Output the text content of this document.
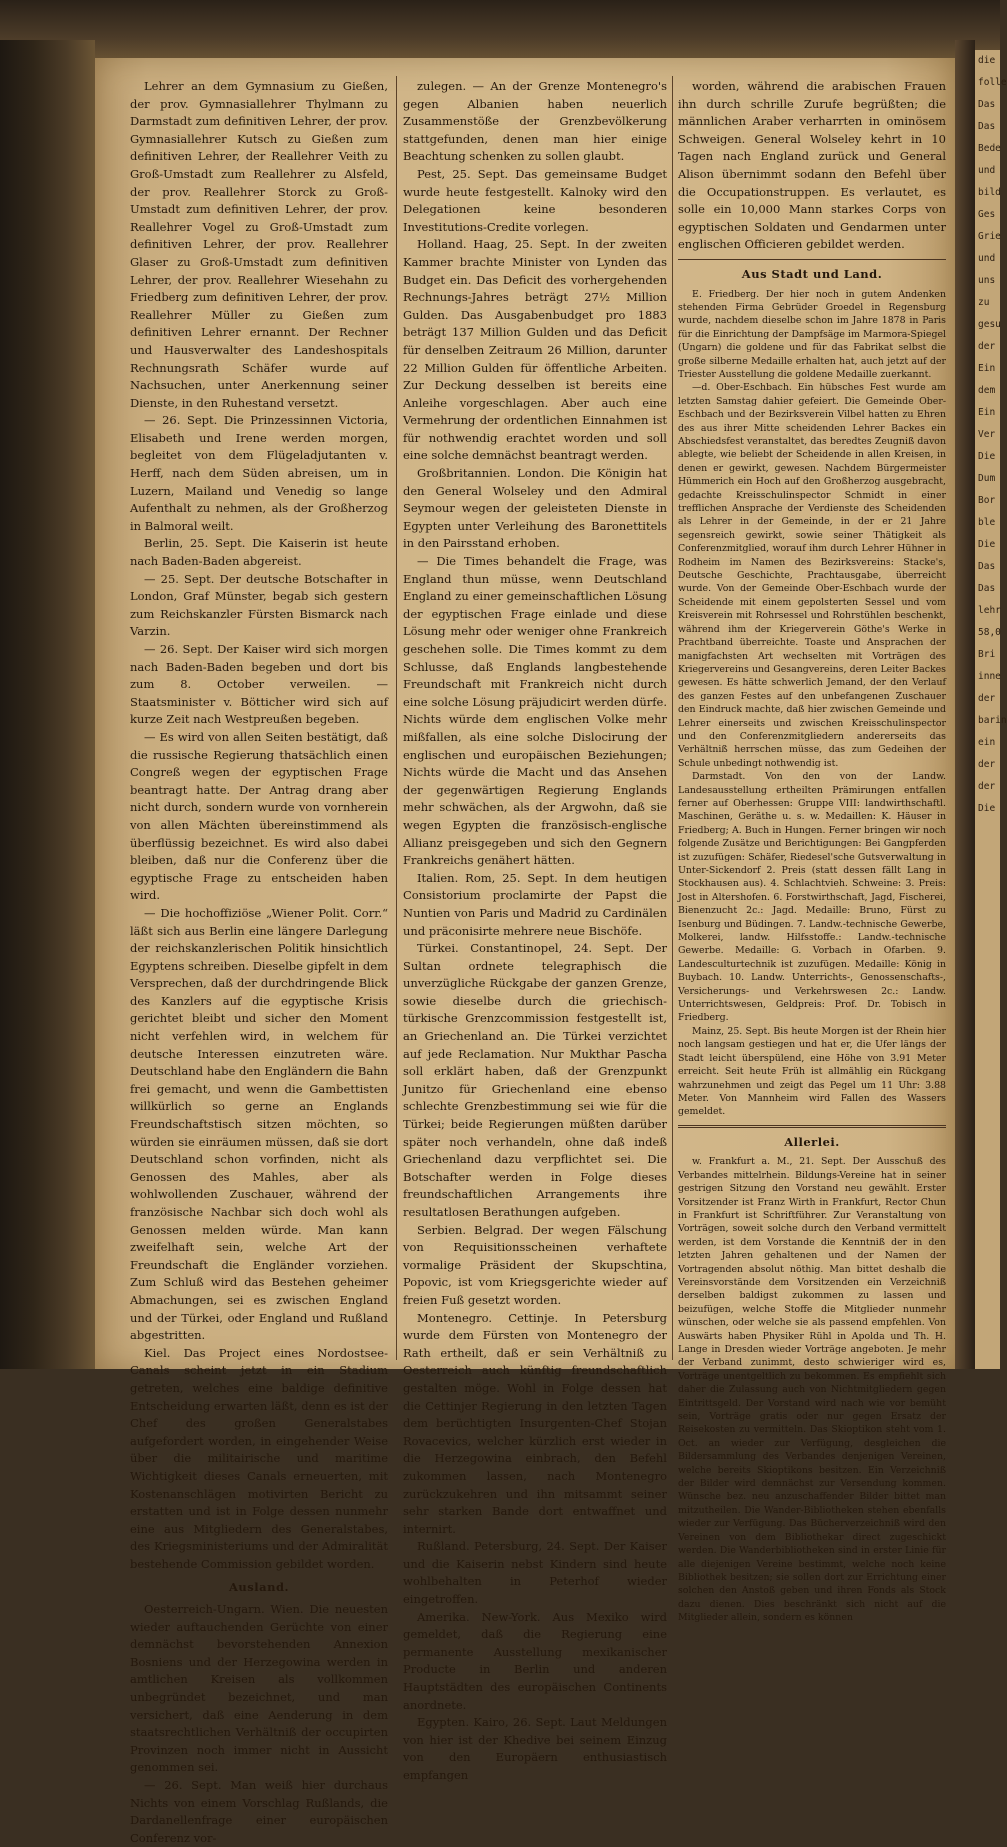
die
folle
Das
Das
Bede
und
bild
Ges
Grie
und
uns
zu
gesu
der
Ein
dem
Ein
Ver
Die
Dum
Bor
ble
Die
Das
Das
lehr
58,0
Bri
inne
der
barin
ein
der
der
Die

Lehrer an dem Gymnasium zu Gießen, der prov. Gymnasiallehrer Thylmann zu Darmstadt zum definitiven Lehrer, der prov. Gymnasiallehrer Kutsch zu Gießen zum definitiven Lehrer, der Reallehrer Veith zu Groß-Umstadt zum Reallehrer zu Alsfeld, der prov. Reallehrer Storck zu Groß-Umstadt zum definitiven Lehrer, der prov. Reallehrer Vogel zu Groß-Umstadt zum definitiven Lehrer, der prov. Reallehrer Glaser zu Groß-Umstadt zum definitiven Lehrer, der prov. Reallehrer Wiesehahn zu Friedberg zum definitiven Lehrer, der prov. Reallehrer Müller zu Gießen zum definitiven Lehrer ernannt. Der Rechner und Hausverwalter des Landeshospitals Rechnungsrath Schäfer wurde auf Nachsuchen, unter Anerkennung seiner Dienste, in den Ruhestand versetzt.

— 26. Sept. Die Prinzessinnen Victoria, Elisabeth und Irene werden morgen, begleitet von dem Flügeladjutanten v. Herff, nach dem Süden abreisen, um in Luzern, Mailand und Venedig so lange Aufenthalt zu nehmen, als der Großherzog in Balmoral weilt.

Berlin, 25. Sept. Die Kaiserin ist heute nach Baden-Baden abgereist.

— 25. Sept. Der deutsche Botschafter in London, Graf Münster, begab sich gestern zum Reichskanzler Fürsten Bismarck nach Varzin.

— 26. Sept. Der Kaiser wird sich morgen nach Baden-Baden begeben und dort bis zum 8. October verweilen. — Staatsminister v. Bötticher wird sich auf kurze Zeit nach Westpreußen begeben.

— Es wird von allen Seiten bestätigt, daß die russische Regierung thatsächlich einen Congreß wegen der egyptischen Frage beantragt hatte. Der Antrag drang aber nicht durch, sondern wurde von vornherein von allen Mächten übereinstimmend als überflüssig bezeichnet. Es wird also dabei bleiben, daß nur die Conferenz über die egyptische Frage zu entscheiden haben wird.

— Die hochoffiziöse „Wiener Polit. Corr.“ läßt sich aus Berlin eine längere Darlegung der reichskanzlerischen Politik hinsichtlich Egyptens schreiben. Dieselbe gipfelt in dem Versprechen, daß der durchdringende Blick des Kanzlers auf die egyptische Krisis gerichtet bleibt und sicher den Moment nicht verfehlen wird, in welchem für deutsche Interessen einzutreten wäre. Deutschland habe den Engländern die Bahn frei gemacht, und wenn die Gambettisten willkürlich so gerne an Englands Freundschaftstisch sitzen möchten, so würden sie einräumen müssen, daß sie dort Deutschland schon vorfinden, nicht als Genossen des Mahles, aber als wohlwollenden Zuschauer, während der französische Nachbar sich doch wohl als Genossen melden würde. Man kann zweifelhaft sein, welche Art der Freundschaft die Engländer vorziehen. Zum Schluß wird das Bestehen geheimer Abmachungen, sei es zwischen England und der Türkei, oder England und Rußland abgestritten.

Kiel. Das Project eines Nordostsee-Canals scheint jetzt in ein Stadium getreten, welches eine baldige definitive Entscheidung erwarten läßt, denn es ist der Chef des großen Generalstabes aufgefordert worden, in eingehender Weise über die militairische und maritime Wichtigkeit dieses Canals erneuerten, mit Kostenanschlägen motivirten Bericht zu erstatten und ist in Folge dessen nunmehr eine aus Mitgliedern des Generalstabes, des Kriegsministeriums und der Admiralität bestehende Commission gebildet worden.

Ausland.

Oesterreich-Ungarn. Wien. Die neuesten wieder auftauchenden Gerüchte von einer demnächst bevorstehenden Annexion Bosniens und der Herzegowina werden in amtlichen Kreisen als vollkommen unbegründet bezeichnet, und man versichert, daß eine Aenderung in dem staatsrechtlichen Verhältniß der occupirten Provinzen noch immer nicht in Aussicht genommen sei.

— 26. Sept. Man weiß hier durchaus Nichts von einem Vorschlag Rußlands, die Dardanellenfrage einer europäischen Conferenz vor-

zulegen. — An der Grenze Montenegro's gegen Albanien haben neuerlich Zusammenstöße der Grenzbevölkerung stattgefunden, denen man hier einige Beachtung schenken zu sollen glaubt.

Pest, 25. Sept. Das gemeinsame Budget wurde heute festgestellt. Kalnoky wird den Delegationen keine besonderen Investitutions-Credite vorlegen.

Holland. Haag, 25. Sept. In der zweiten Kammer brachte Minister von Lynden das Budget ein. Das Deficit des vorhergehenden Rechnungs-Jahres beträgt 27½ Million Gulden. Das Ausgabenbudget pro 1883 beträgt 137 Million Gulden und das Deficit für denselben Zeitraum 26 Million, darunter 22 Million Gulden für öffentliche Arbeiten. Zur Deckung desselben ist bereits eine Anleihe vorgeschlagen. Aber auch eine Vermehrung der ordentlichen Einnahmen ist für nothwendig erachtet worden und soll eine solche demnächst beantragt werden.

Großbritannien. London. Die Königin hat den General Wolseley und den Admiral Seymour wegen der geleisteten Dienste in Egypten unter Verleihung des Baronettitels in den Pairsstand erhoben.

— Die Times behandelt die Frage, was England thun müsse, wenn Deutschland England zu einer gemeinschaftlichen Lösung der egyptischen Frage einlade und diese Lösung mehr oder weniger ohne Frankreich geschehen solle. Die Times kommt zu dem Schlusse, daß Englands langbestehende Freundschaft mit Frankreich nicht durch eine solche Lösung präjudicirt werden dürfe. Nichts würde dem englischen Volke mehr mißfallen, als eine solche Dislocirung der englischen und europäischen Beziehungen; Nichts würde die Macht und das Ansehen der gegenwärtigen Regierung Englands mehr schwächen, als der Argwohn, daß sie wegen Egypten die französisch-englische Allianz preisgegeben und sich den Gegnern Frankreichs genähert hätten.

Italien. Rom, 25. Sept. In dem heutigen Consistorium proclamirte der Papst die Nuntien von Paris und Madrid zu Cardinälen und präconisirte mehrere neue Bischöfe.

Türkei. Constantinopel, 24. Sept. Der Sultan ordnete telegraphisch die unverzügliche Rückgabe der ganzen Grenze, sowie dieselbe durch die griechisch-türkische Grenzcommission festgestellt ist, an Griechenland an. Die Türkei verzichtet auf jede Reclamation. Nur Mukthar Pascha soll erklärt haben, daß der Grenzpunkt Junitzo für Griechenland eine ebenso schlechte Grenzbestimmung sei wie für die Türkei; beide Regierungen müßten darüber später noch verhandeln, ohne daß indeß Griechenland dazu verpflichtet sei. Die Botschafter werden in Folge dieses freundschaftlichen Arrangements ihre resultatlosen Berathungen aufgeben.

Serbien. Belgrad. Der wegen Fälschung von Requisitionsscheinen verhaftete vormalige Präsident der Skupschtina, Popovic, ist vom Kriegsgerichte wieder auf freien Fuß gesetzt worden.

Montenegro. Cettinje. In Petersburg wurde dem Fürsten von Montenegro der Rath ertheilt, daß er sein Verhältniß zu Oesterreich auch künftig freundschaftlich gestalten möge. Wohl in Folge dessen hat die Cettinjer Regierung in den letzten Tagen dem berüchtigten Insurgenten-Chef Stojan Rovacevics, welcher kürzlich erst wieder in die Herzegowina einbrach, den Befehl zukommen lassen, nach Montenegro zurückzukehren und ihn mitsammt seiner sehr starken Bande dort entwaffnet und internirt.

Rußland. Petersburg, 24. Sept. Der Kaiser und die Kaiserin nebst Kindern sind heute wohlbehalten in Peterhof wieder eingetroffen.

Amerika. New-York. Aus Mexiko wird gemeldet, daß die Regierung eine permanente Ausstellung mexikanischer Producte in Berlin und anderen Hauptstädten des europäischen Continents anordnete.

Egypten. Kairo, 26. Sept. Laut Meldungen von hier ist der Khedive bei seinem Einzug von den Europäern enthusiastisch empfangen

worden, während die arabischen Frauen ihn durch schrille Zurufe begrüßten; die männlichen Araber verharrten in ominösem Schweigen. General Wolseley kehrt in 10 Tagen nach England zurück und General Alison übernimmt sodann den Befehl über die Occupationstruppen. Es verlautet, es solle ein 10,000 Mann starkes Corps von egyptischen Soldaten und Gendarmen unter englischen Officieren gebildet werden.

Aus Stadt und Land.

E. Friedberg. Der hier noch in gutem Andenken stehenden Firma Gebrüder Groedel in Regensburg wurde, nachdem dieselbe schon im Jahre 1878 in Paris für die Einrichtung der Dampfsäge im Marmora-Spiegel (Ungarn) die goldene und für das Fabrikat selbst die große silberne Medaille erhalten hat, auch jetzt auf der Triester Ausstellung die goldene Medaille zuerkannt.

—d. Ober-Eschbach. Ein hübsches Fest wurde am letzten Samstag dahier gefeiert. Die Gemeinde Ober-Eschbach und der Bezirksverein Vilbel hatten zu Ehren des aus ihrer Mitte scheidenden Lehrer Backes ein Abschiedsfest veranstaltet, das beredtes Zeugniß davon ablegte, wie beliebt der Scheidende in allen Kreisen, in denen er gewirkt, gewesen. Nachdem Bürgermeister Hümmerich ein Hoch auf den Großherzog ausgebracht, gedachte Kreisschulinspector Schmidt in einer trefflichen Ansprache der Verdienste des Scheidenden als Lehrer in der Gemeinde, in der er 21 Jahre segensreich gewirkt, sowie seiner Thätigkeit als Conferenzmitglied, worauf ihm durch Lehrer Hühner in Rodheim im Namen des Bezirksvereins: Stacke's, Deutsche Geschichte, Prachtausgabe, überreicht wurde. Von der Gemeinde Ober-Eschbach wurde der Scheidende mit einem gepolsterten Sessel und vom Kreisverein mit Rohrsessel und Rohrstühlen beschenkt, während ihm der Kriegerverein Göthe's Werke in Prachtband überreichte. Toaste und Ansprachen der manigfachsten Art wechselten mit Vorträgen des Kriegervereins und Gesangvereins, deren Leiter Backes gewesen. Es hätte schwerlich Jemand, der den Verlauf des ganzen Festes auf den unbefangenen Zuschauer den Eindruck machte, daß hier zwischen Gemeinde und Lehrer einerseits und zwischen Kreisschulinspector und den Conferenzmitgliedern andererseits das Verhältniß herrschen müsse, das zum Gedeihen der Schule unbedingt nothwendig ist.

Darmstadt. Von den von der Landw. Landesausstellung ertheilten Prämirungen entfallen ferner auf Oberhessen: Gruppe VIII: landwirthschaftl. Maschinen, Geräthe u. s. w. Medaillen: K. Häuser in Friedberg; A. Buch in Hungen. Ferner bringen wir noch folgende Zusätze und Berichtigungen: Bei Gangpferden ist zuzufügen: Schäfer, Riedesel'sche Gutsverwaltung in Unter-Sickendorf 2. Preis (statt dessen fällt Lang in Stockhausen aus). 4. Schlachtvieh. Schweine: 3. Preis: Jost in Altershofen. 6. Forstwirthschaft, Jagd, Fischerei, Bienenzucht 2c.: Jagd. Medaille: Bruno, Fürst zu Isenburg und Büdingen. 7. Landw.-technische Gewerbe, Molkerei, landw. Hilfsstoffe.: Landw.-technische Gewerbe. Medaille: G. Vorbach in Ofarben. 9. Landesculturtechnik ist zuzufügen. Medaille: König in Buybach. 10. Landw. Unterrichts-, Genossenschafts-, Versicherungs- und Verkehrswesen 2c.: Landw. Unterrichtswesen, Geldpreis: Prof. Dr. Tobisch in Friedberg.

Mainz, 25. Sept. Bis heute Morgen ist der Rhein hier noch langsam gestiegen und hat er, die Ufer längs der Stadt leicht überspülend, eine Höhe von 3.91 Meter erreicht. Seit heute Früh ist allmählig ein Rückgang wahrzunehmen und zeigt das Pegel um 11 Uhr: 3.88 Meter. Von Mannheim wird Fallen des Wassers gemeldet.

Allerlei.

w. Frankfurt a. M., 21. Sept. Der Ausschuß des Verbandes mittelrhein. Bildungs-Vereine hat in seiner gestrigen Sitzung den Vorstand neu gewählt. Erster Vorsitzender ist Franz Wirth in Frankfurt, Rector Chun in Frankfurt ist Schriftführer. Zur Veranstaltung von Vorträgen, soweit solche durch den Verband vermittelt werden, ist dem Vorstande die Kenntniß der in den letzten Jahren gehaltenen und der Namen der Vortragenden absolut nöthig. Man bittet deshalb die Vereinsvorstände dem Vorsitzenden ein Verzeichniß derselben baldigst zukommen zu lassen und beizufügen, welche Stoffe die Mitglieder nunmehr wünschen, oder welche sie als passend empfehlen. Von Auswärts haben Physiker Rühl in Apolda und Th. H. Lange in Dresden wieder Vorträge angeboten. Je mehr der Verband zunimmt, desto schwieriger wird es, Vorträge unentgeltlich zu bekommen. Es empfiehlt sich daher die Zulassung auch von Nichtmitgliedern gegen Eintrittsgeld. Der Vorstand wird nach wie vor bemüht sein, Vorträge gratis oder nur gegen Ersatz der Reisekosten zu vermitteln. Das Skioptikon steht vom 1. Oct. an wieder zur Verfügung, desgleichen die Bildersammlung des Verbandes denjenigen Vereinen, welche bereits Skioptikons besitzen. Ein Verzeichniß der Bilder wird demnächst zur Versendung kommen. Wünsche bez. neu anzuschaffender Bilder bittet man mitzutheilen. Die Wander-Bibliotheken stehen ebenfalls wieder zur Verfügung. Das Bücherverzeichniß wird den Vereinen von dem Bibliothekar direct zugeschickt werden. Die Wanderbibliotheken sind in erster Linie für alle diejenigen Vereine bestimmt, welche noch keine Bibliothek besitzen; sie sollen dort zur Errichtung einer solchen den Anstoß geben und ihren Fonds als Stock dazu dienen. Dies beschränkt sich nicht auf die Mitglieder allein, sondern es können
